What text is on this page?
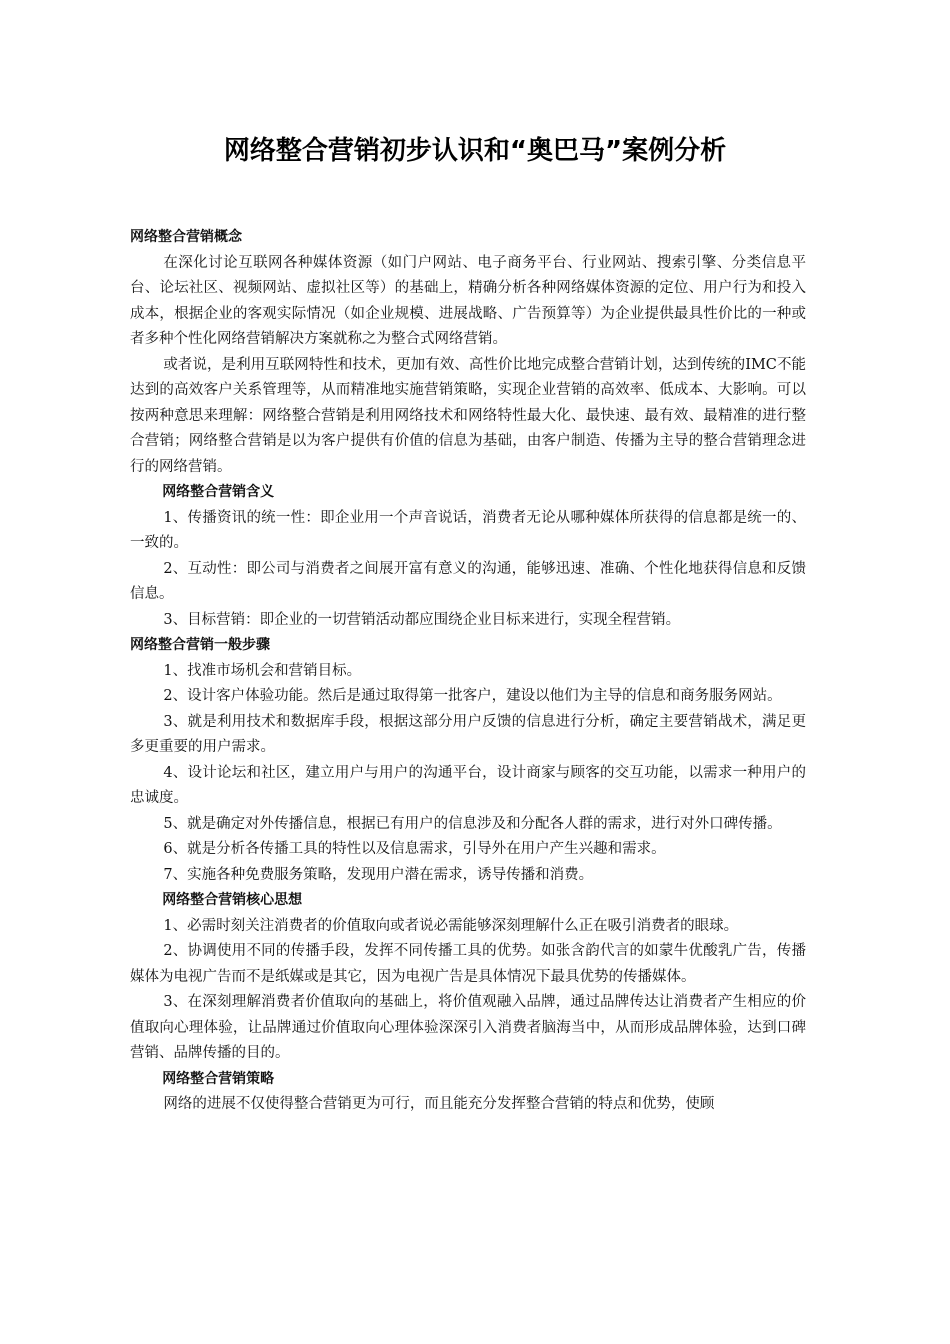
网络整合营销初步认识和“奥巴马”案例分析

网络整合营销概念

在深化讨论互联网各种媒体资源（如门户网站、电子商务平台、行业网站、搜索引擎、分类信息平台、论坛社区、视频网站、虚拟社区等）的基础上，精确分析各种网络媒体资源的定位、用户行为和投入成本，根据企业的客观实际情况（如企业规模、进展战略、广告预算等）为企业提供最具性价比的一种或者多种个性化网络营销解决方案就称之为整合式网络营销。

或者说，是利用互联网特性和技术，更加有效、高性价比地完成整合营销计划，达到传统的IMC不能达到的高效客户关系管理等，从而精准地实施营销策略，实现企业营销的高效率、低成本、大影响。可以按两种意思来理解：网络整合营销是利用网络技术和网络特性最大化、最快速、最有效、最精准的进行整合营销；网络整合营销是以为客户提供有价值的信息为基础，由客户制造、传播为主导的整合营销理念进行的网络营销。

网络整合营销含义

1、传播资讯的统一性：即企业用一个声音说话，消费者无论从哪种媒体所获得的信息都是统一的、一致的。

2、互动性：即公司与消费者之间展开富有意义的沟通，能够迅速、准确、个性化地获得信息和反馈信息。

3、目标营销：即企业的一切营销活动都应围绕企业目标来进行，实现全程营销。

网络整合营销一般步骤

1、找准市场机会和营销目标。

2、设计客户体验功能。然后是通过取得第一批客户，建设以他们为主导的信息和商务服务网站。

3、就是利用技术和数据库手段，根据这部分用户反馈的信息进行分析，确定主要营销战术，满足更多更重要的用户需求。

4、设计论坛和社区，建立用户与用户的沟通平台，设计商家与顾客的交互功能，以需求一种用户的忠诚度。

5、就是确定对外传播信息，根据已有用户的信息涉及和分配各人群的需求，进行对外口碑传播。

6、就是分析各传播工具的特性以及信息需求，引导外在用户产生兴趣和需求。

7、实施各种免费服务策略，发现用户潜在需求，诱导传播和消费。

网络整合营销核心思想

1、必需时刻关注消费者的价值取向或者说必需能够深刻理解什么正在吸引消费者的眼球。

2、协调使用不同的传播手段，发挥不同传播工具的优势。如张含韵代言的如蒙牛优酸乳广告，传播媒体为电视广告而不是纸媒或是其它，因为电视广告是具体情况下最具优势的传播媒体。

3、在深刻理解消费者价值取向的基础上，将价值观融入品牌，通过品牌传达让消费者产生相应的价值取向心理体验，让品牌通过价值取向心理体验深深引入消费者脑海当中，从而形成品牌体验，达到口碑营销、品牌传播的目的。

网络整合营销策略

网络的进展不仅使得整合营销更为可行，而且能充分发挥整合营销的特点和优势，使顾
